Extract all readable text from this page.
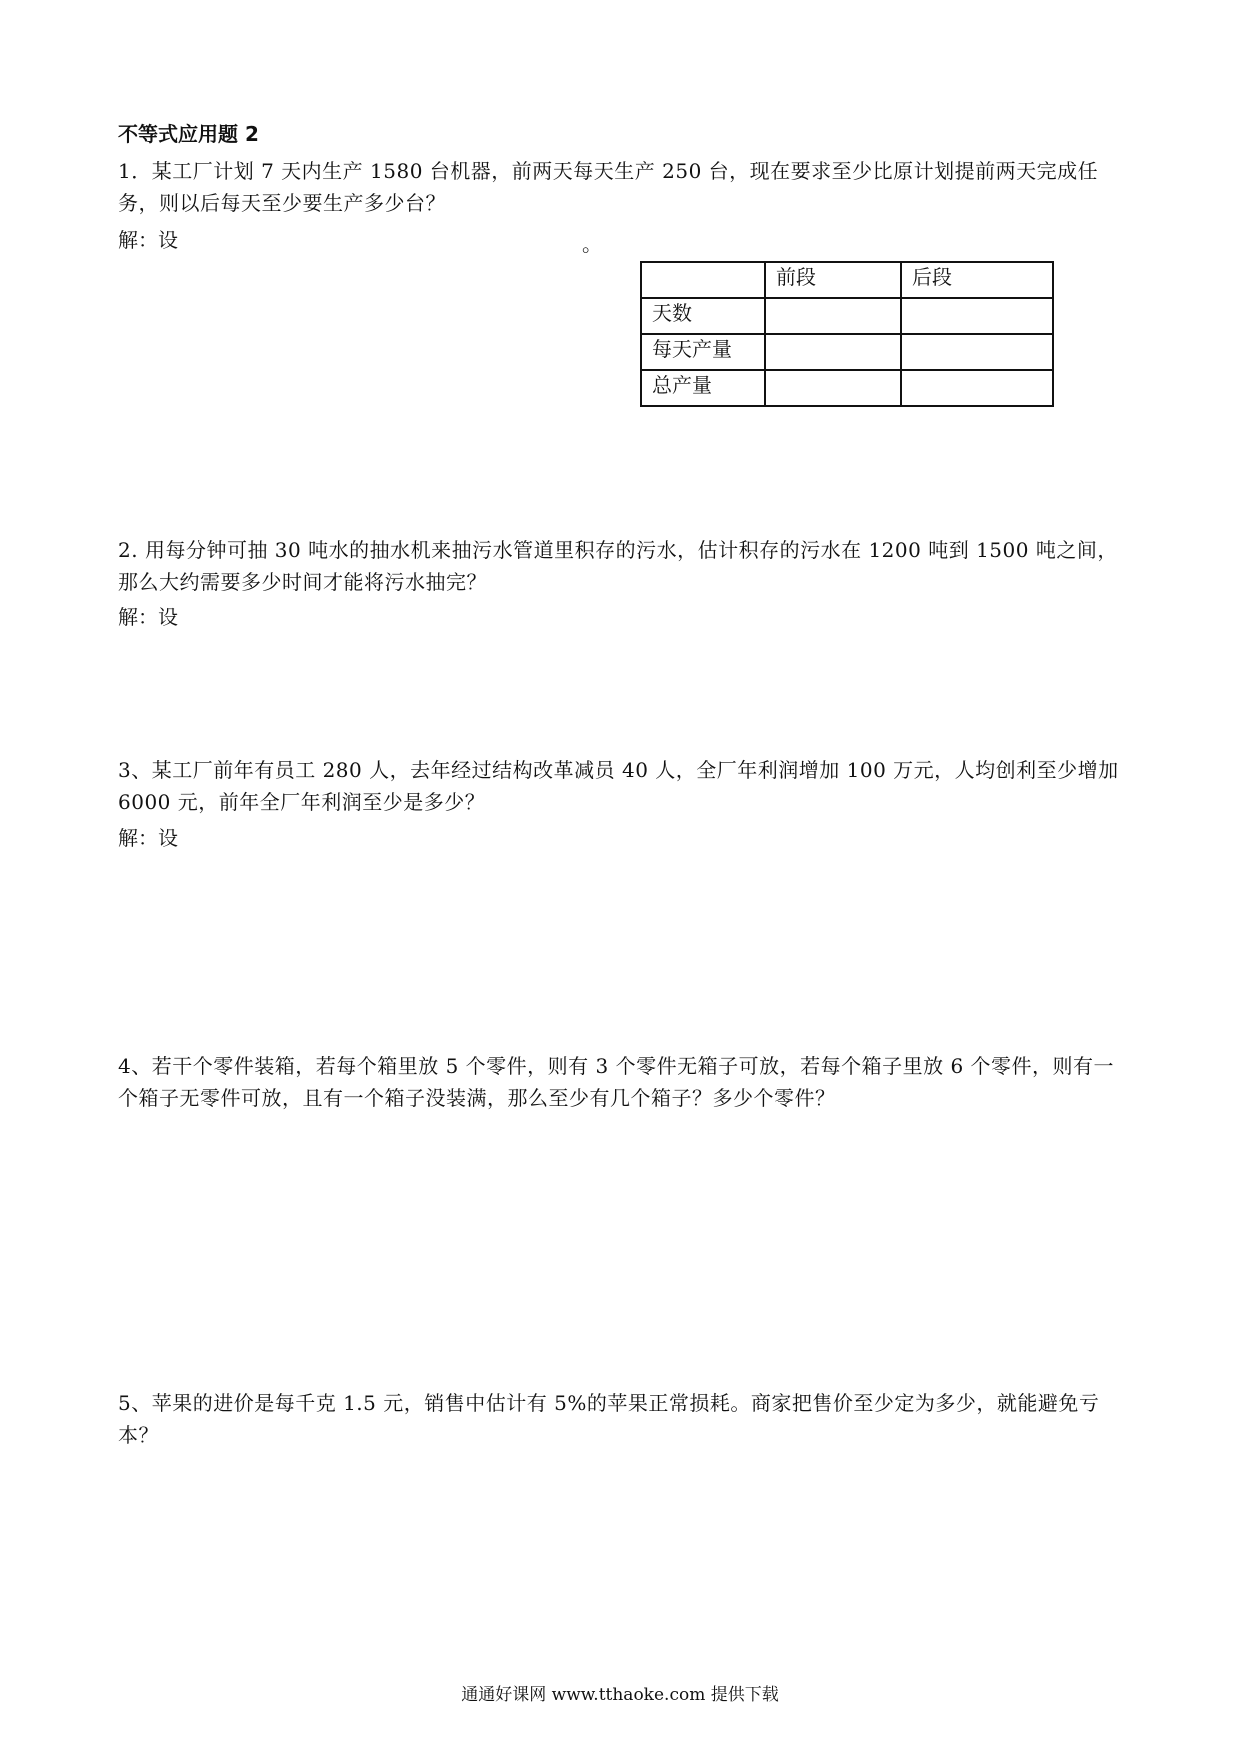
不等式应用题 2
1．某工厂计划 7 天内生产 1580 台机器，前两天每天生产 250 台，现在要求至少比原计划提前两天完成任务，则以后每天至少要生产多少台？
解：设	。
	前段	后段
天数		
每天产量		
总产量		
2. 用每分钟可抽 30 吨水的抽水机来抽污水管道里积存的污水，估计积存的污水在 1200 吨到 1500 吨之间，那么大约需要多少时间才能将污水抽完？
解：设
3、某工厂前年有员工 280 人，去年经过结构改革减员 40 人，全厂年利润增加 100 万元，人均创利至少增加 6000 元，前年全厂年利润至少是多少？
解：设
4、若干个零件装箱，若每个箱里放 5 个零件，则有 3 个零件无箱子可放，若每个箱子里放 6 个零件，则有一个箱子无零件可放，且有一个箱子没装满，那么至少有几个箱子？多少个零件？
5、苹果的进价是每千克 1.5 元，销售中估计有 5%的苹果正常损耗。商家把售价至少定为多少，就能避免亏本？
通通好课网 www.tthaoke.com 提供下载
